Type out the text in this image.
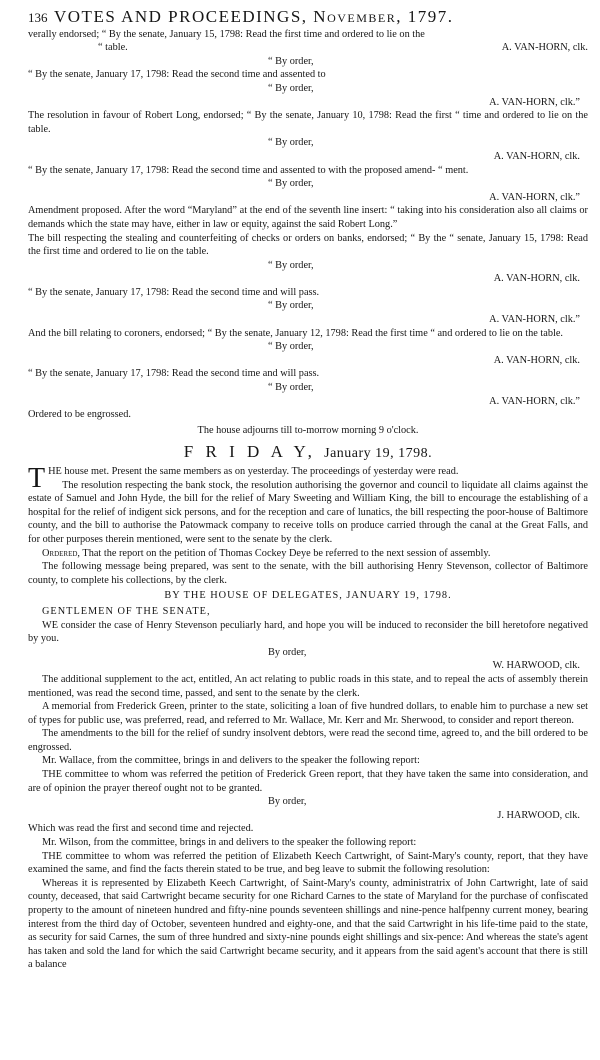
136 VOTES AND PROCEEDINGS, November, 1797.

verally endorsed; “ By the senate, January 15, 1798: Read the first time and ordered to lie on the

“ table.	A. VAN-HORN, clk.

“ By order,

“ By the senate, January 17, 1798: Read the second time and assented to

“ By order,

A. VAN-HORN, clk.”

The resolution in favour of Robert Long, endorsed; “ By the senate, January 10, 1798: Read the first “ time and ordered to lie on the table.

“ By order,

A. VAN-HORN, clk.

“ By the senate, January 17, 1798: Read the second time and assented to with the proposed amend- “ ment.

“ By order,

A. VAN-HORN, clk.”

Amendment proposed. After the word “Maryland” at the end of the seventh line insert: “ taking into his consideration also all claims or demands which the state may have, either in law or equity, against the said Robert Long.”

The bill respecting the stealing and counterfeiting of checks or orders on banks, endorsed; “ By the “ senate, January 15, 1798: Read the first time and ordered to lie on the table.

“ By order,

A. VAN-HORN, clk.

“ By the senate, January 17, 1798: Read the second time and will pass.

“ By order,

A. VAN-HORN, clk.”

And the bill relating to coroners, endorsed; “ By the senate, January 12, 1798: Read the first time “ and ordered to lie on the table.

“ By order,

A. VAN-HORN, clk.

“ By the senate, January 17, 1798: Read the second time and will pass.

“ By order,

A. VAN-HORN, clk.”

Ordered to be engrossed.

The house adjourns till to-morrow morning 9 o'clock.

F R I D A Y, January 19, 1798.

T HE house met. Present the same members as on yesterday. The proceedings of yesterday were read.

The resolution respecting the bank stock, the resolution authorising the governor and council to liquidate all claims against the estate of Samuel and John Hyde, the bill for the relief of Mary Sweeting and William King, the bill to encourage the establishing of a hospital for the relief of indigent sick persons, and for the reception and care of lunatics, the bill respecting the poor-house of Baltimore county, and the bill to authorise the Patowmack company to receive tolls on produce carried through the canal at the Great Falls, and for other purposes therein mentioned, were sent to the senate by the clerk.

Ordered, That the report on the petition of Thomas Cockey Deye be referred to the next session of assembly.

The following message being prepared, was sent to the senate, with the bill authorising Henry Stevenson, collector of Baltimore county, to complete his collections, by the clerk.

BY THE HOUSE OF DELEGATES, JANUARY 19, 1798.

GENTLEMEN OF THE SENATE,

WE consider the case of Henry Stevenson peculiarly hard, and hope you will be induced to reconsider the bill heretofore negatived by you.

By order,

W. HARWOOD, clk.

The additional supplement to the act, entitled, An act relating to public roads in this state, and to repeal the acts of assembly therein mentioned, was read the second time, passed, and sent to the senate by the clerk.

A memorial from Frederick Green, printer to the state, soliciting a loan of five hundred dollars, to enable him to purchase a new set of types for public use, was preferred, read, and referred to Mr. Wallace, Mr. Kerr and Mr. Sherwood, to consider and report thereon.

The amendments to the bill for the relief of sundry insolvent debtors, were read the second time, agreed to, and the bill ordered to be engrossed.

Mr. Wallace, from the committee, brings in and delivers to the speaker the following report:

THE committee to whom was referred the petition of Frederick Green report, that they have taken the same into consideration, and are of opinion the prayer thereof ought not to be granted.

By order,

J. HARWOOD, clk.

Which was read the first and second time and rejected.

Mr. Wilson, from the committee, brings in and delivers to the speaker the following report:

THE committee to whom was referred the petition of Elizabeth Keech Cartwright, of Saint-Mary's county, report, that they have examined the same, and find the facts therein stated to be true, and beg leave to submit the following resolution:

Whereas it is represented by Elizabeth Keech Cartwright, of Saint-Mary's county, administratrix of John Cartwright, late of said county, deceased, that said Cartwright became security for one Richard Carnes to the state of Maryland for the purchase of confiscated property to the amount of nineteen hundred and fifty-nine pounds seventeen shillings and nine-pence halfpenny current money, bearing interest from the third day of October, seventeen hundred and eighty-one, and that the said Cartwright in his life-time paid to the state, as security for said Carnes, the sum of three hundred and sixty-nine pounds eight shillings and six-pence: And whereas the state's agent has taken and sold the land for which the said Cartwright became security, and it appears from the said agent's account that there is still a balance
